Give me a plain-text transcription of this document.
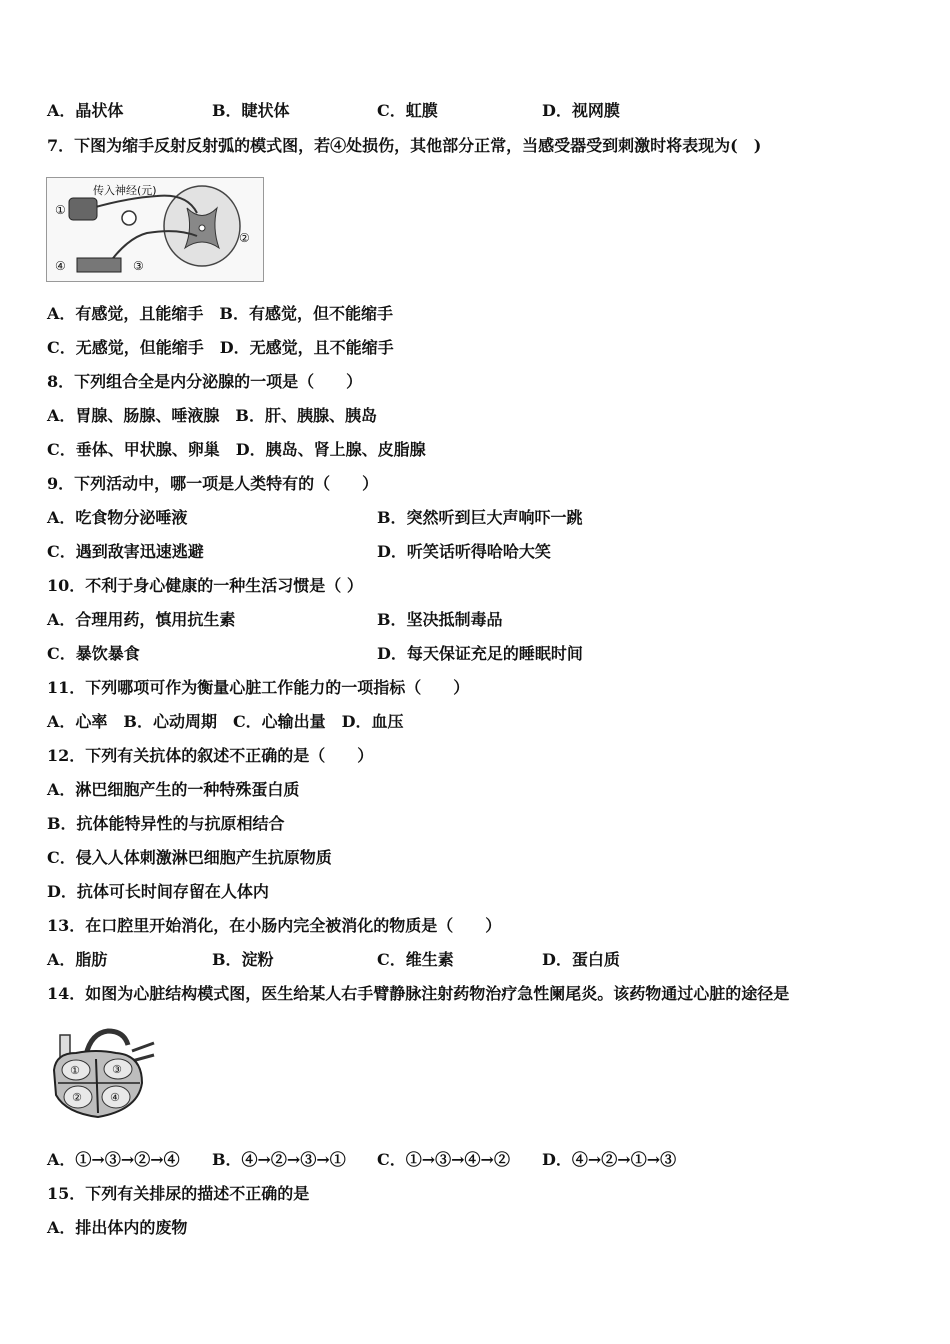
A．晶状体	B．睫状体	C．虹膜	D．视网膜
7．下图为缩手反射反射弧的模式图，若④处损伤，其他部分正常，当感受器受到刺激时将表现为(　)
①
②
③
④
传入神经(元)
A．有感觉，且能缩手　B．有感觉，但不能缩手
C．无感觉，但能缩手　D．无感觉，且不能缩手
8．下列组合全是内分泌腺的一项是（　　）
A．胃腺、肠腺、唾液腺　B．肝、胰腺、胰岛
C．垂体、甲状腺、卵巢　D．胰岛、肾上腺、皮脂腺
9．下列活动中，哪一项是人类特有的（　　）
A．吃食物分泌唾液	B．突然听到巨大声响吓一跳
C．遇到敌害迅速逃避	D．听笑话听得哈哈大笑
10．不利于身心健康的一种生活习惯是（ ）
A．合理用药，慎用抗生素	B．坚决抵制毒品
C．暴饮暴食	D．每天保证充足的睡眠时间
11．下列哪项可作为衡量心脏工作能力的一项指标（　　）
A．心率　B．心动周期　C．心输出量　D．血压
12．下列有关抗体的叙述不正确的是（　　）
A．淋巴细胞产生的一种特殊蛋白质
B．抗体能特异性的与抗原相结合
C．侵入人体刺激淋巴细胞产生抗原物质
D．抗体可长时间存留在人体内
13．在口腔里开始消化，在小肠内完全被消化的物质是（　　）
A．脂肪	B．淀粉	C．维生素	D．蛋白质
14．如图为心脏结构模式图，医生给某人右手臂静脉注射药物治疗急性阑尾炎。该药物通过心脏的途径是
①	③
②	④
A．①→③→②→④ B．④→②→③→① C．①→③→④→② D．④→②→①→③
15．下列有关排尿的描述不正确的是
A．排出体内的废物
